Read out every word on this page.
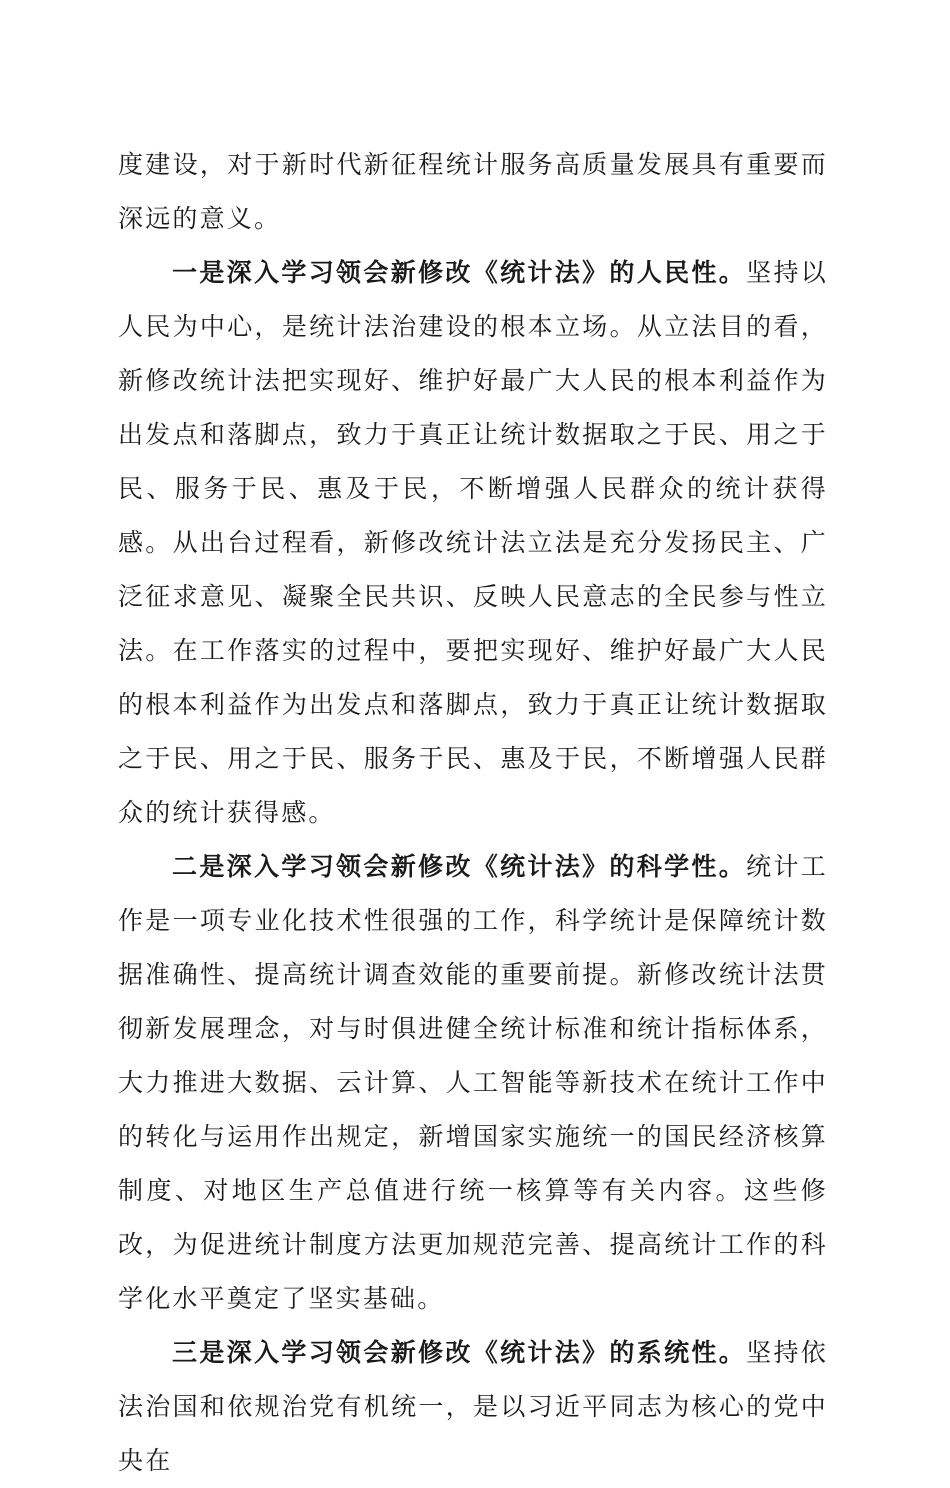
度建设，对于新时代新征程统计服务高质量发展具有重要而深远的意义。

一是深入学习领会新修改《统计法》的人民性。坚持以人民为中心，是统计法治建设的根本立场。从立法目的看，新修改统计法把实现好、维护好最广大人民的根本利益作为出发点和落脚点，致力于真正让统计数据取之于民、用之于民、服务于民、惠及于民，不断增强人民群众的统计获得感。从出台过程看，新修改统计法立法是充分发扬民主、广泛征求意见、凝聚全民共识、反映人民意志的全民参与性立法。在工作落实的过程中，要把实现好、维护好最广大人民的根本利益作为出发点和落脚点，致力于真正让统计数据取之于民、用之于民、服务于民、惠及于民，不断增强人民群众的统计获得感。

二是深入学习领会新修改《统计法》的科学性。统计工作是一项专业化技术性很强的工作，科学统计是保障统计数据准确性、提高统计调查效能的重要前提。新修改统计法贯彻新发展理念，对与时俱进健全统计标准和统计指标体系，大力推进大数据、云计算、人工智能等新技术在统计工作中的转化与运用作出规定，新增国家实施统一的国民经济核算制度、对地区生产总值进行统一核算等有关内容。这些修改，为促进统计制度方法更加规范完善、提高统计工作的科学化水平奠定了坚实基础。

三是深入学习领会新修改《统计法》的系统性。坚持依法治国和依规治党有机统一，是以习近平同志为核心的党中央在
